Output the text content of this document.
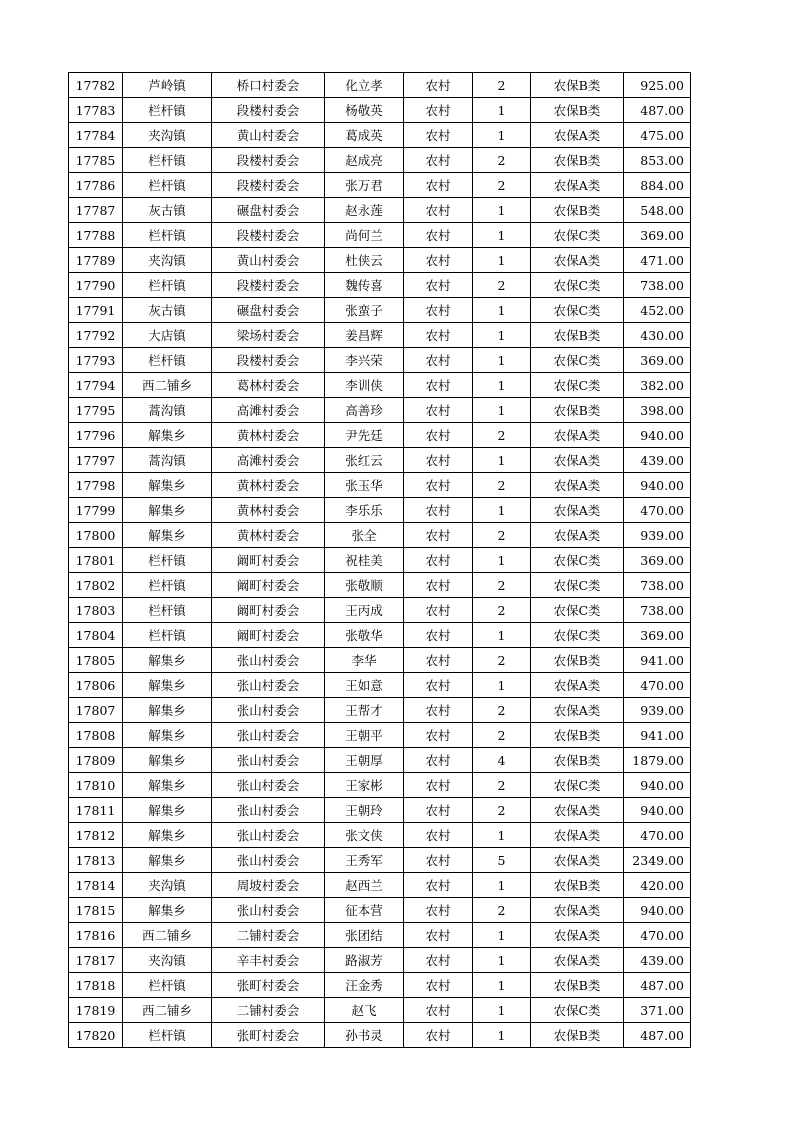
17782	芦岭镇	桥口村委会	化立孝	农村	2	农保B类	925.00
17783	栏杆镇	段楼村委会	杨敬英	农村	1	农保B类	487.00
17784	夹沟镇	黄山村委会	葛成英	农村	1	农保A类	475.00
17785	栏杆镇	段楼村委会	赵成亮	农村	2	农保B类	853.00
17786	栏杆镇	段楼村委会	张万君	农村	2	农保A类	884.00
17787	灰古镇	碾盘村委会	赵永莲	农村	1	农保B类	548.00
17788	栏杆镇	段楼村委会	尚何兰	农村	1	农保C类	369.00
17789	夹沟镇	黄山村委会	杜侠云	农村	1	农保A类	471.00
17790	栏杆镇	段楼村委会	魏传喜	农村	2	农保C类	738.00
17791	灰古镇	碾盘村委会	张蛮子	农村	1	农保C类	452.00
17792	大店镇	梁场村委会	姜昌辉	农村	1	农保B类	430.00
17793	栏杆镇	段楼村委会	李兴荣	农村	1	农保C类	369.00
17794	西二铺乡	葛林村委会	李训侠	农村	1	农保C类	382.00
17795	蒿沟镇	高滩村委会	高善珍	农村	1	农保B类	398.00
17796	解集乡	黄林村委会	尹先廷	农村	2	农保A类	940.00
17797	蒿沟镇	高滩村委会	张红云	农村	1	农保A类	439.00
17798	解集乡	黄林村委会	张玉华	农村	2	农保A类	940.00
17799	解集乡	黄林村委会	李乐乐	农村	1	农保A类	470.00
17800	解集乡	黄林村委会	张全	农村	2	农保A类	939.00
17801	栏杆镇	阚町村委会	祝桂美	农村	1	农保C类	369.00
17802	栏杆镇	阚町村委会	张敬顺	农村	2	农保C类	738.00
17803	栏杆镇	阚町村委会	王丙成	农村	2	农保C类	738.00
17804	栏杆镇	阚町村委会	张敬华	农村	1	农保C类	369.00
17805	解集乡	张山村委会	李华	农村	2	农保B类	941.00
17806	解集乡	张山村委会	王如意	农村	1	农保A类	470.00
17807	解集乡	张山村委会	王帮才	农村	2	农保A类	939.00
17808	解集乡	张山村委会	王朝平	农村	2	农保B类	941.00
17809	解集乡	张山村委会	王朝厚	农村	4	农保B类	1879.00
17810	解集乡	张山村委会	王家彬	农村	2	农保C类	940.00
17811	解集乡	张山村委会	王朝玲	农村	2	农保A类	940.00
17812	解集乡	张山村委会	张文侠	农村	1	农保A类	470.00
17813	解集乡	张山村委会	王秀军	农村	5	农保A类	2349.00
17814	夹沟镇	周坡村委会	赵西兰	农村	1	农保B类	420.00
17815	解集乡	张山村委会	征本营	农村	2	农保A类	940.00
17816	西二铺乡	二铺村委会	张团结	农村	1	农保A类	470.00
17817	夹沟镇	辛丰村委会	路淑芳	农村	1	农保A类	439.00
17818	栏杆镇	张町村委会	汪金秀	农村	1	农保B类	487.00
17819	西二铺乡	二铺村委会	赵飞	农村	1	农保C类	371.00
17820	栏杆镇	张町村委会	孙书灵	农村	1	农保B类	487.00
